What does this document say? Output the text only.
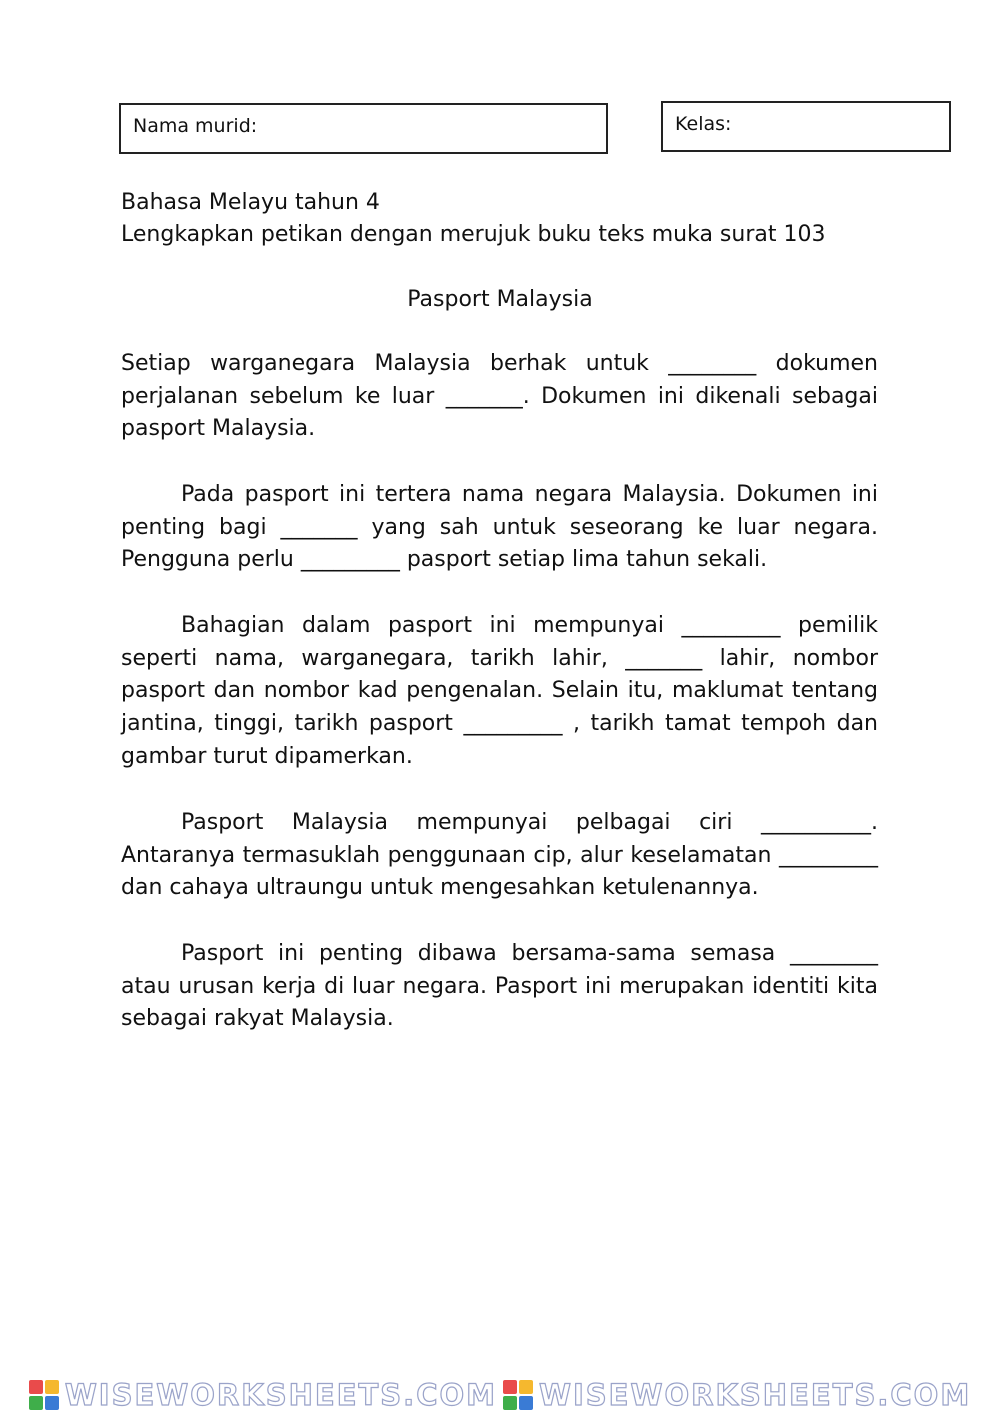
Nama murid:	Kelas:
Bahasa Melayu tahun 4
Lengkapkan petikan dengan merujuk buku teks muka surat 103
Pasport Malaysia
Setiap warganegara Malaysia berhak untuk ________ dokumen perjalanan sebelum ke luar _______. Dokumen ini dikenali sebagai pasport Malaysia.
Pada pasport ini tertera nama negara Malaysia. Dokumen ini penting bagi _______ yang sah untuk seseorang ke luar negara. Pengguna perlu _________ pasport setiap lima tahun sekali.
Bahagian dalam pasport ini mempunyai _________ pemilik seperti nama, warganegara, tarikh lahir, _______ lahir, nombor pasport dan nombor kad pengenalan. Selain itu, maklumat tentang jantina, tinggi, tarikh pasport _________ , tarikh tamat tempoh dan gambar turut dipamerkan.
Pasport Malaysia mempunyai pelbagai ciri __________. Antaranya termasuklah penggunaan cip, alur keselamatan _________ dan cahaya ultraungu untuk mengesahkan ketulenannya.
Pasport ini penting dibawa bersama-sama semasa ________ atau urusan kerja di luar negara. Pasport ini merupakan identiti kita sebagai rakyat Malaysia.
WISEWORKSHEETS.COM WISEWORKSHEETS.COM
